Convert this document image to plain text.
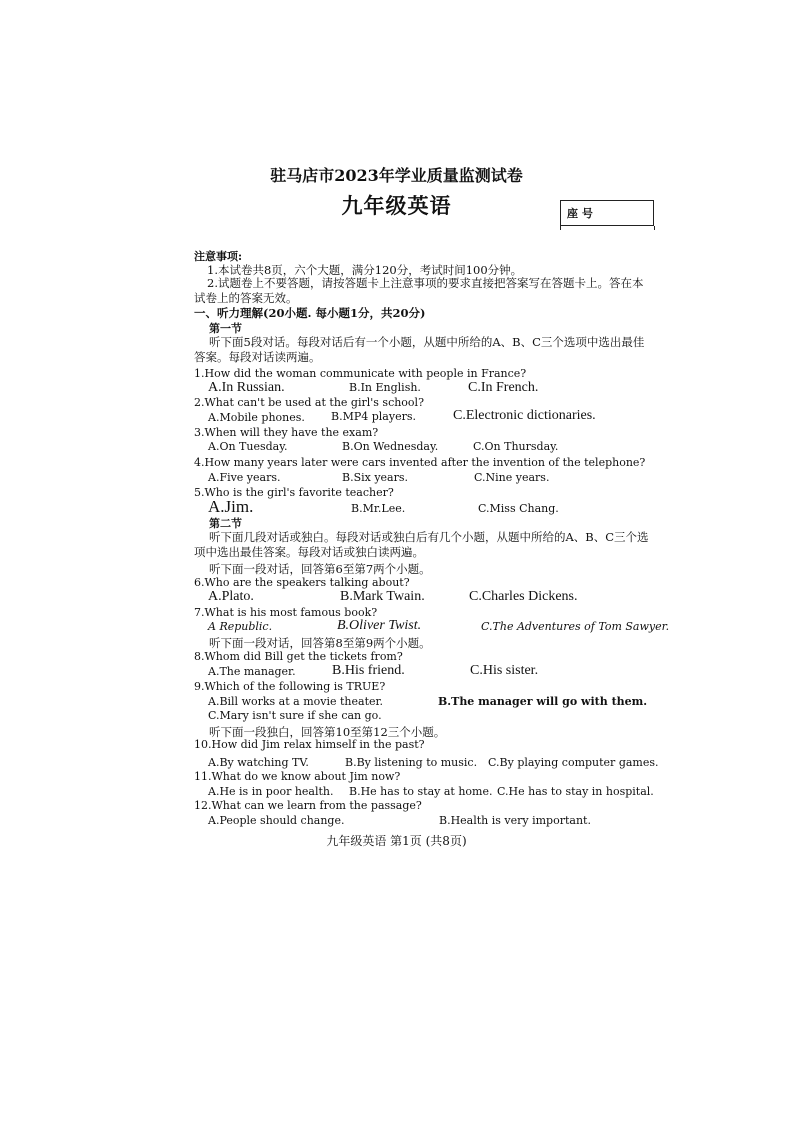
驻马店市2023年学业质量监测试卷
九年级英语	座 号
注意事项:
1.本试卷共8页，六个大题，满分120分，考试时间100分钟。
2.试题卷上不要答题，请按答题卡上注意事项的要求直接把答案写在答题卡上。答在本试卷上的答案无效。
一、听力理解(20小题. 每小题1分，共20分)
第一节
听下面5段对话。每段对话后有一个小题，从题中所给的A、B、C三个选项中选出最佳答案。每段对话读两遍。
1.How did the woman communicate with people in France?
A.In Russian.	B.In English.	C.In French.
2.What can't be used at the girl's school?
A.Mobile phones. B.MP4 players.	C.Electronic dictionaries.
3.When will they have the exam?
A.On Tuesday.	B.On Wednesday.	C.On Thursday.
4.How many years later were cars invented after the invention of the telephone?
A.Five years.	B.Six years.	C.Nine years.
5.Who is the girl's favorite teacher?
A.Jim.	B.Mr.Lee.	C.Miss Chang.
第二节
听下面几段对话或独白。每段对话或独白后有几个小题，从题中所给的A、B、C三个选项中选出最佳答案。每段对话或独白读两遍。
听下面一段对话，回答第6至第7两个小题。
6.Who are the speakers talking about?
A.Plato.	B.Mark Twain.	C.Charles Dickens.
7.What is his most famous book?
A Republic.	B.Oliver Twist.	C.The Adventures of Tom Sawyer.
听下面一段对话，回答第8至第9两个小题。
8.Whom did Bill get the tickets from?
A.The manager.	B.His friend.	C.His sister.
9.Which of the following is TRUE?
A.Bill works at a movie theater.	B.The manager will go with them.
C.Mary isn't sure if she can go.
听下面一段独白，回答第10至第12三个小题。
10.How did Jim relax himself in the past?
A.By watching TV.	B.By listening to music. C.By playing computer games.
11.What do we know about Jim now?
A.He is in poor health. B.He has to stay at home. C.He has to stay in hospital.
12.What can we learn from the passage?
A.People should change.	B.Health is very important.
九年级英语 第1页 (共8页)
